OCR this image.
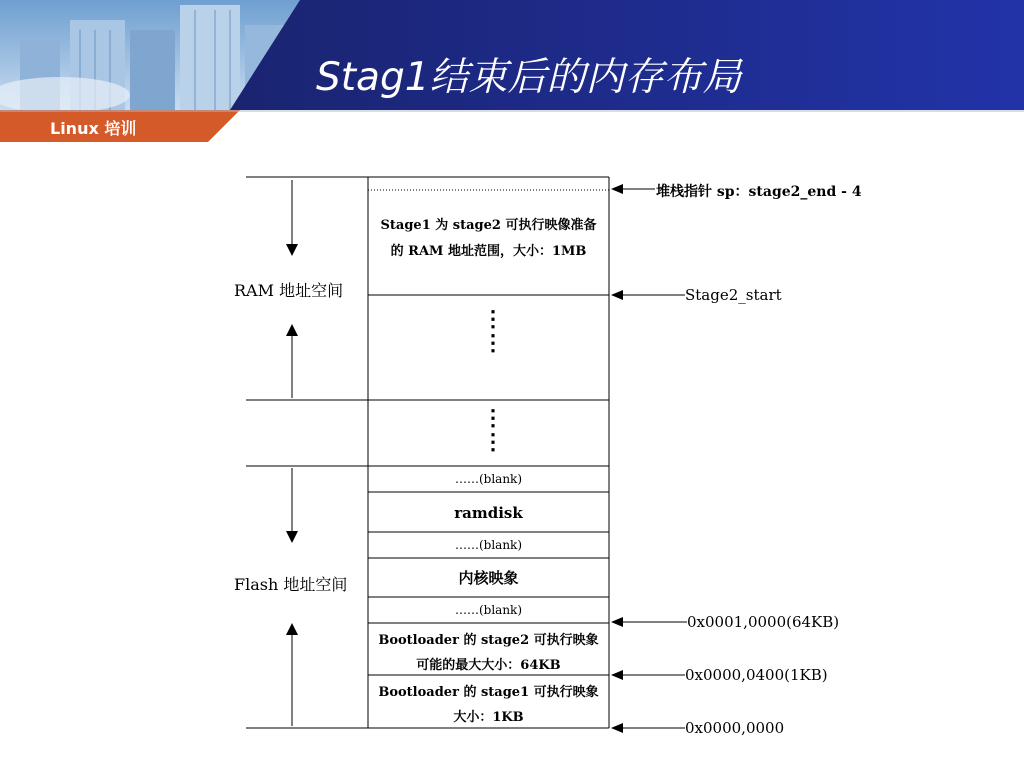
Stag1结束后的内存布局
Linux 培训
RAM 地址空间
Flash 地址空间
Stage1 为 stage2 可执行映像准备
的 RAM 地址范围，大小：1MB
⋮
⋮
⋮
⋮
……(blank)
ramdisk
……(blank)
内核映象
……(blank)
Bootloader 的 stage2 可执行映象
可能的最大大小：64KB
Bootloader 的 stage1 可执行映象
大小：1KB
堆栈指针 sp：stage2_end - 4
Stage2_start
0x0001,0000(64KB)
0x0000,0400(1KB)
0x0000,0000
